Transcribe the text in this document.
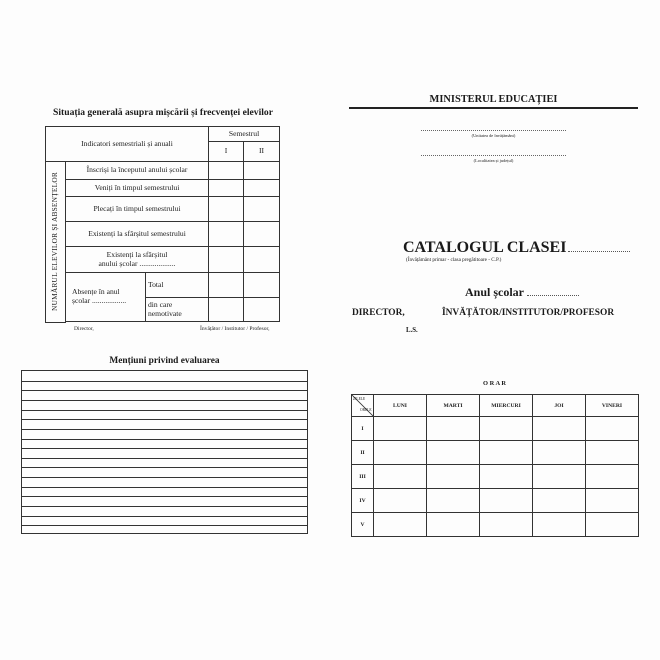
Situația generală asupra mișcării și frecvenței elevilor
Indicatori semestriali și anuali			Semestrul	
			I	II

NUMĂRUL ELEVILOR ȘI ABSENȚELOR	Înscriși la începutul anului școlar			
	Veniți în timpul semestrului			
	Plecați în timpul semestrului			
	Existenți la sfârșitul semestrului			

	Existenți la sfârșitul
anului școlar ...................			

	Absențe în anul
școlar ..................	Total		
		din care nemotivate		

Director,	Învățător / Institutor / Profesor,
Mențiuni privind evaluarea
MINISTERUL EDUCAȚIEI
(Unitatea de învățământ)
(Localitatea și județul)
CATALOGUL CLASEI
(Învățământ primar - clasa pregătitoare - C.P.)
Anul școlar
DIRECTOR,	ÎNVĂȚĂTOR/INSTITUTOR/PROFESOR
L.S.
O R A R
ZILELE
ORELE	LUNI	MARTI	MIERCURI	JOI	VINERI
I					
II					
III					
IV					
V					
